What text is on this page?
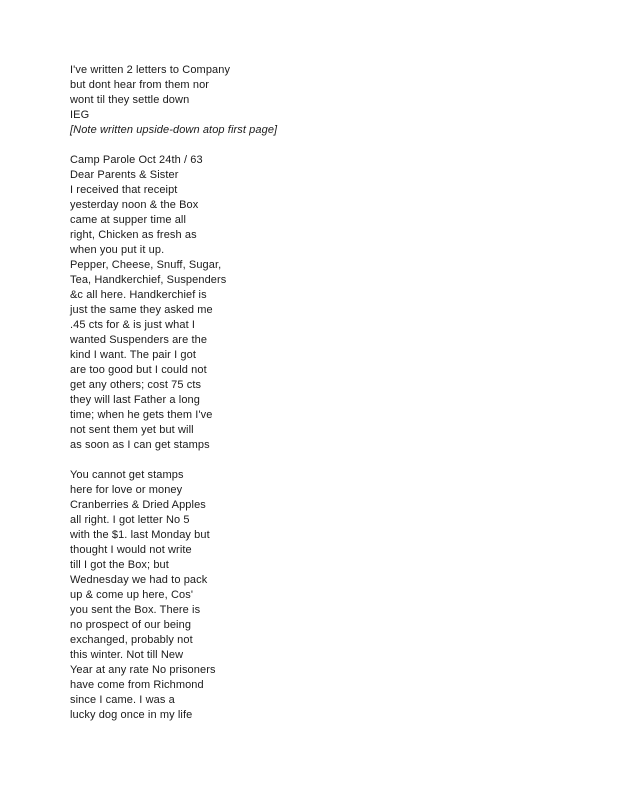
I've written 2 letters to Company
but dont hear from them nor
wont til they settle down
IEG
[Note written upside-down atop first page]
Camp Parole Oct 24th / 63
Dear Parents & Sister
I received that receipt
yesterday noon & the Box
came at supper time all
right, Chicken as fresh as
when you put it up.
Pepper, Cheese, Snuff, Sugar,
Tea, Handkerchief, Suspenders
&c all here. Handkerchief is
just the same they asked me
.45 cts for & is just what I
wanted Suspenders are the
kind I want. The pair I got
are too good but I could not
get any others; cost 75 cts
they will last Father a long
time; when he gets them I've
not sent them yet but will
as soon as I can get stamps
You cannot get stamps
here for love or money
Cranberries & Dried Apples
all right. I got letter No 5
with the $1. last Monday but
thought I would not write
till I got the Box; but
Wednesday we had to pack
up & come up here, Cos'
you sent the Box. There is
no prospect of our being
exchanged, probably not
this winter. Not till New
Year at any rate No prisoners
have come from Richmond
since I came. I was a
lucky dog once in my life
